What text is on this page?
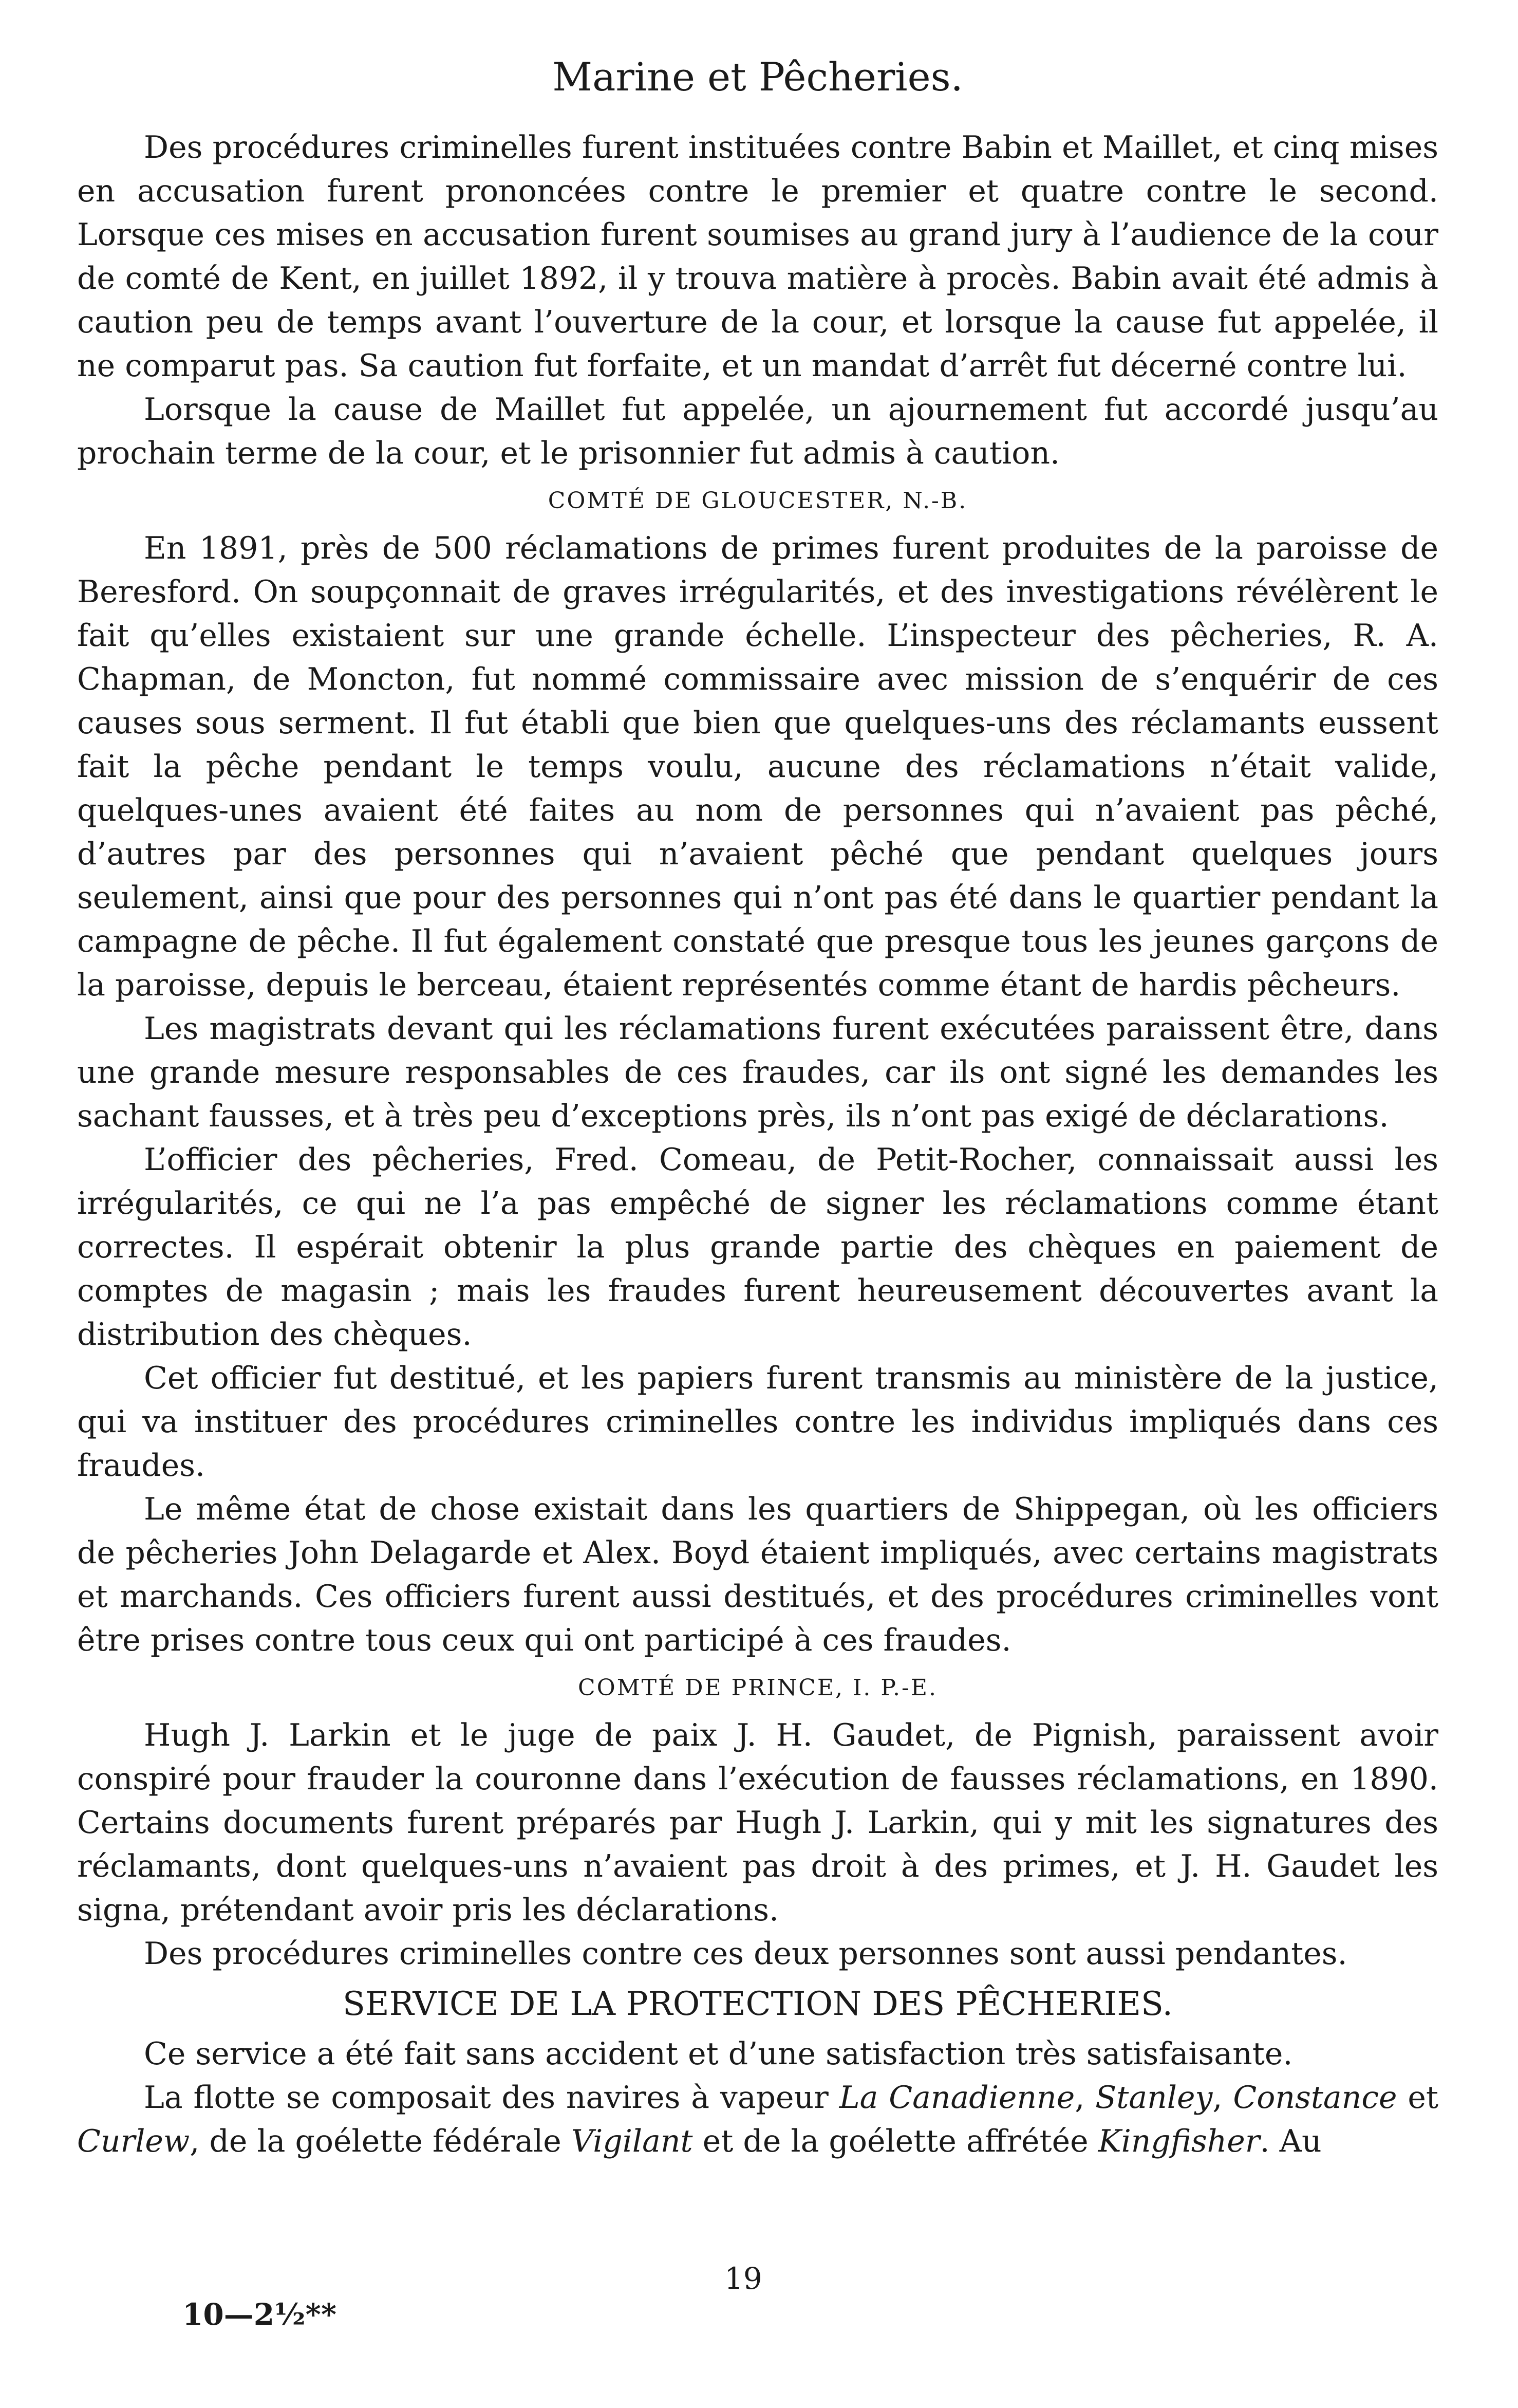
Marine et Pêcheries.

Des procédures criminelles furent instituées contre Babin et Maillet, et cinq mises en accusation furent prononcées contre le premier et quatre contre le second. Lorsque ces mises en accusation furent soumises au grand jury à l’audience de la cour de comté de Kent, en juillet 1892, il y trouva matière à procès. Babin avait été admis à caution peu de temps avant l’ouverture de la cour, et lorsque la cause fut appelée, il ne comparut pas. Sa caution fut forfaite, et un mandat d’arrêt fut décerné contre lui.

Lorsque la cause de Maillet fut appelée, un ajournement fut accordé jusqu’au prochain terme de la cour, et le prisonnier fut admis à caution.

COMTÉ DE GLOUCESTER, N.-B.

En 1891, près de 500 réclamations de primes furent produites de la paroisse de Beresford. On soupçonnait de graves irrégularités, et des investigations révélèrent le fait qu’elles existaient sur une grande échelle. L’inspecteur des pêcheries, R. A. Chapman, de Moncton, fut nommé commissaire avec mission de s’enquérir de ces causes sous serment. Il fut établi que bien que quelques-uns des réclamants eussent fait la pêche pendant le temps voulu, aucune des réclamations n’était valide, quelques-unes avaient été faites au nom de personnes qui n’avaient pas pêché, d’autres par des personnes qui n’avaient pêché que pendant quelques jours seulement, ainsi que pour des personnes qui n’ont pas été dans le quartier pendant la campagne de pêche. Il fut également constaté que presque tous les jeunes garçons de la paroisse, depuis le berceau, étaient représentés comme étant de hardis pêcheurs.

Les magistrats devant qui les réclamations furent exécutées paraissent être, dans une grande mesure responsables de ces fraudes, car ils ont signé les demandes les sachant fausses, et à très peu d’exceptions près, ils n’ont pas exigé de déclarations.

L’officier des pêcheries, Fred. Comeau, de Petit-Rocher, connaissait aussi les irrégularités, ce qui ne l’a pas empêché de signer les réclamations comme étant correctes. Il espérait obtenir la plus grande partie des chèques en paiement de comptes de magasin ; mais les fraudes furent heureusement découvertes avant la distribution des chèques.

Cet officier fut destitué, et les papiers furent transmis au ministère de la justice, qui va instituer des procédures criminelles contre les individus impliqués dans ces fraudes.

Le même état de chose existait dans les quartiers de Shippegan, où les officiers de pêcheries John Delagarde et Alex. Boyd étaient impliqués, avec certains magistrats et marchands. Ces officiers furent aussi destitués, et des procédures criminelles vont être prises contre tous ceux qui ont participé à ces fraudes.

COMTÉ DE PRINCE, I. P.-E.

Hugh J. Larkin et le juge de paix J. H. Gaudet, de Pignish, paraissent avoir conspiré pour frauder la couronne dans l’exécution de fausses réclamations, en 1890. Certains documents furent préparés par Hugh J. Larkin, qui y mit les signatures des réclamants, dont quelques-uns n’avaient pas droit à des primes, et J. H. Gaudet les signa, prétendant avoir pris les déclarations.

Des procédures criminelles contre ces deux personnes sont aussi pendantes.

SERVICE DE LA PROTECTION DES PÊCHERIES.

Ce service a été fait sans accident et d’une satisfaction très satisfaisante.

La flotte se composait des navires à vapeur La Canadienne, Stanley, Constance et Curlew, de la goélette fédérale Vigilant et de la goélette affrétée Kingfisher. Au

19
10—2½**
